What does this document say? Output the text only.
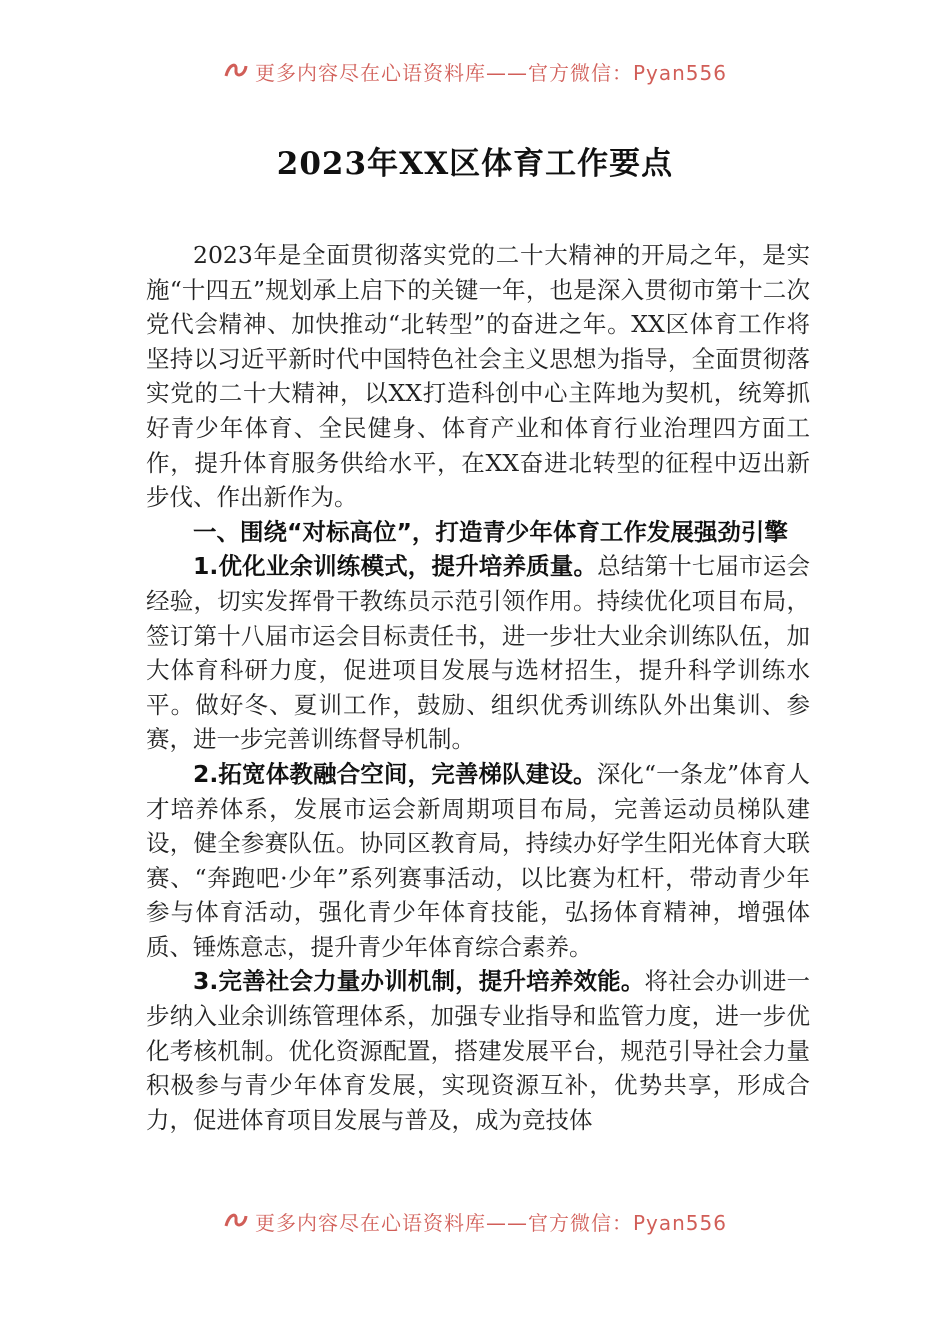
更多内容尽在心语资料库——官方微信：Pyan556
2023年XX区体育工作要点

2023年是全面贯彻落实党的二十大精神的开局之年，是实施“十四五”规划承上启下的关键一年，也是深入贯彻市第十二次党代会精神、加快推动“北转型”的奋进之年。XX区体育工作将坚持以习近平新时代中国特色社会主义思想为指导，全面贯彻落实党的二十大精神，以XX打造科创中心主阵地为契机，统筹抓好青少年体育、全民健身、体育产业和体育行业治理四方面工作，提升体育服务供给水平，在XX奋进北转型的征程中迈出新步伐、作出新作为。

一、围绕“对标高位”，打造青少年体育工作发展强劲引擎

1.优化业余训练模式，提升培养质量。总结第十七届市运会经验，切实发挥骨干教练员示范引领作用。持续优化项目布局，签订第十八届市运会目标责任书，进一步壮大业余训练队伍，加大体育科研力度，促进项目发展与选材招生，提升科学训练水平。做好冬、夏训工作，鼓励、组织优秀训练队外出集训、参赛，进一步完善训练督导机制。

2.拓宽体教融合空间，完善梯队建设。深化“一条龙”体育人才培养体系，发展市运会新周期项目布局，完善运动员梯队建设，健全参赛队伍。协同区教育局，持续办好学生阳光体育大联赛、“奔跑吧·少年”系列赛事活动，以比赛为杠杆，带动青少年参与体育活动，强化青少年体育技能，弘扬体育精神，增强体质、锤炼意志，提升青少年体育综合素养。

3.完善社会力量办训机制，提升培养效能。将社会办训进一步纳入业余训练管理体系，加强专业指导和监管力度，进一步优化考核机制。优化资源配置，搭建发展平台，规范引导社会力量积极参与青少年体育发展，实现资源互补，优势共享，形成合力，促进体育项目发展与普及，成为竞技体

更多内容尽在心语资料库——官方微信：Pyan556
